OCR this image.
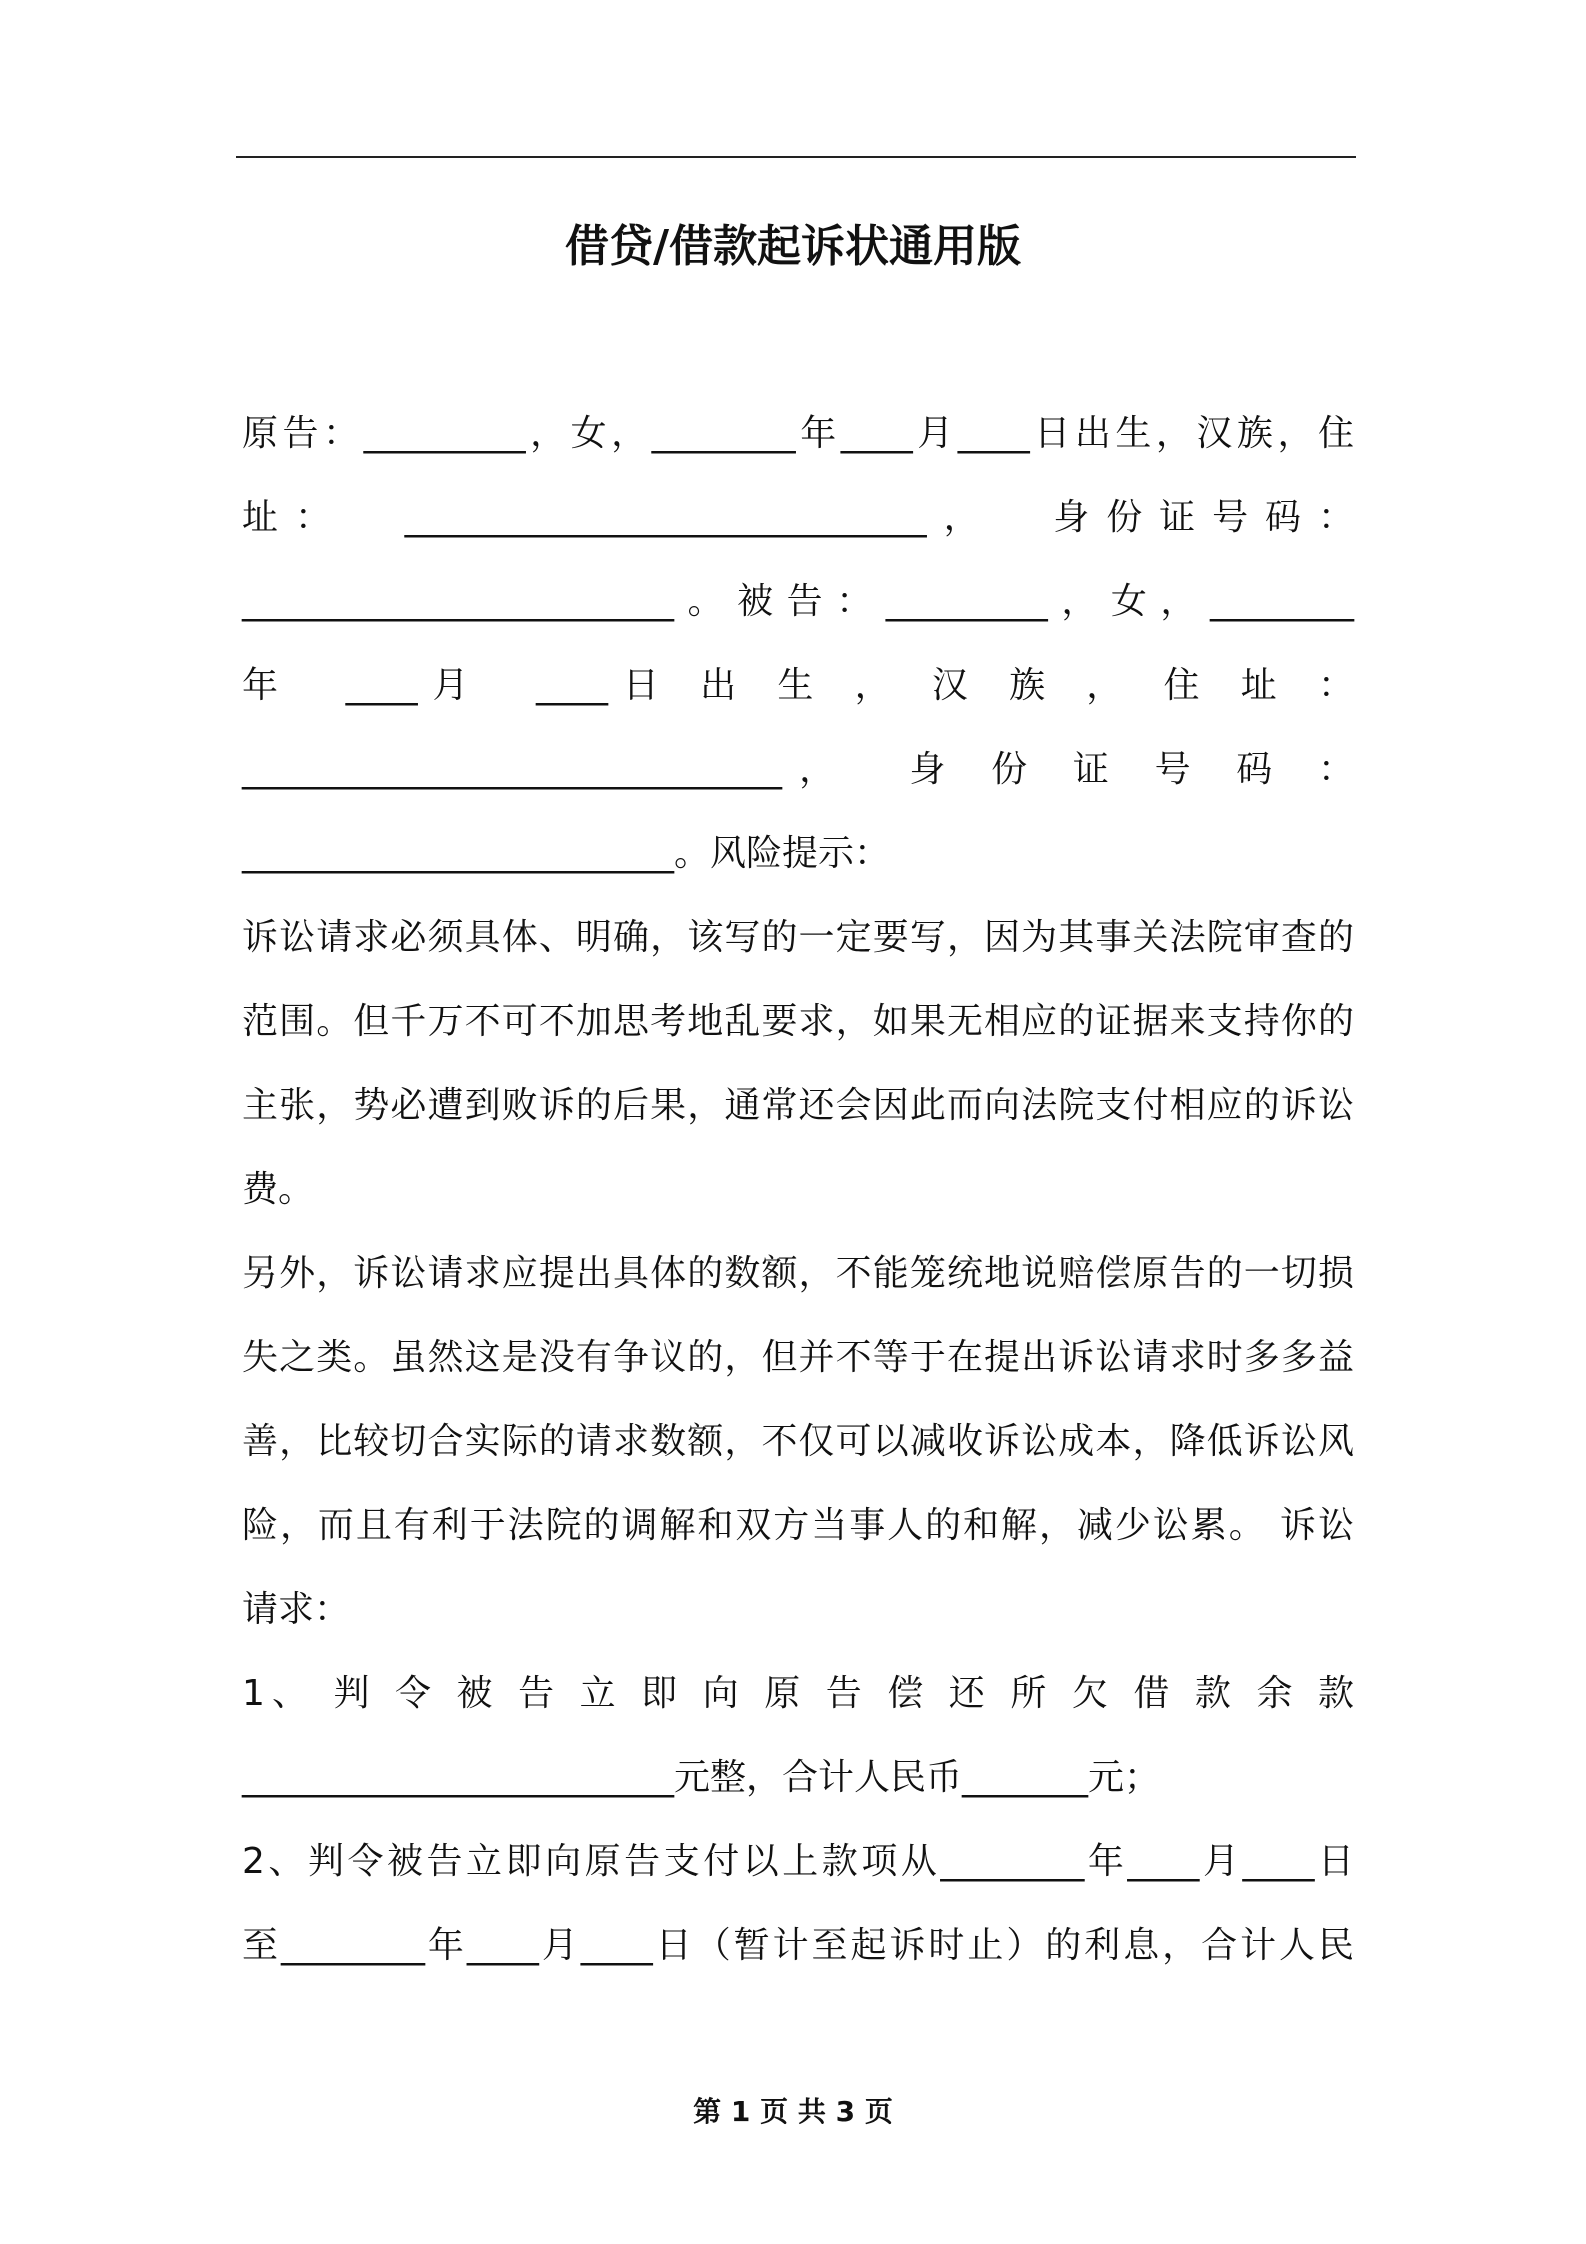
借贷/借款起诉状通用版

原告：_________，女，________年____月____日出生，汉族，住

址：  _____________________________，  身份证号码：

________________________。被告：_________，女，________

年  ____月  ____日 出 生 ， 汉 族 ， 住 址 ：

______________________________，  身 份 证 号 码 ：

________________________。风险提示：

诉讼请求必须具体、明确，该写的一定要写，因为其事关法院审查的

范围。但千万不可不加思考地乱要求，如果无相应的证据来支持你的

主张，势必遭到败诉的后果，通常还会因此而向法院支付相应的诉讼

费。

另外，诉讼请求应提出具体的数额，不能笼统地说赔偿原告的一切损

失之类。虽然这是没有争议的，但并不等于在提出诉讼请求时多多益

善，比较切合实际的请求数额，不仅可以减收诉讼成本，降低诉讼风

险，而且有利于法院的调解和双方当事人的和解，减少讼累。 诉讼

请求：

1、 判 令 被 告 立 即 向 原 告 偿 还 所 欠 借 款 余 款

________________________元整，合计人民币_______元；

2、判令被告立即向原告支付以上款项从________年____月____日

至________年____月____日（暂计至起诉时止）的利息，合计人民

第 1 页 共 3 页
